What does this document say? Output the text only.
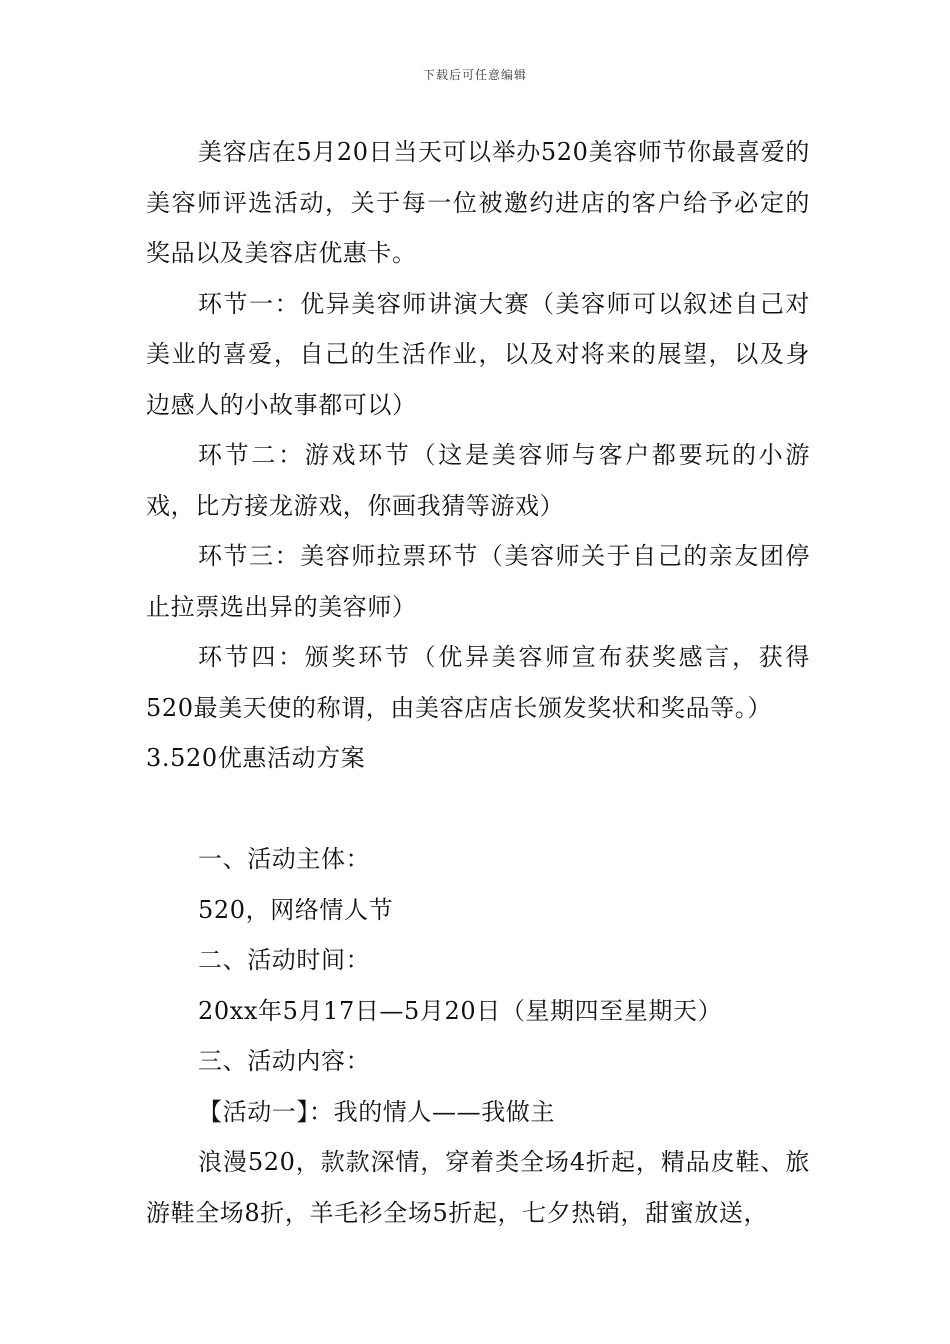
下载后可任意编辑

美容店在5月20日当天可以举办520美容师节你最喜爱的美容师评选活动，关于每一位被邀约进店的客户给予必定的奖品以及美容店优惠卡。

环节一：优异美容师讲演大赛（美容师可以叙述自己对美业的喜爱，自己的生活作业，以及对将来的展望，以及身边感人的小故事都可以）

环节二：游戏环节（这是美容师与客户都要玩的小游戏，比方接龙游戏，你画我猜等游戏）

环节三：美容师拉票环节（美容师关于自己的亲友团停止拉票选出异的美容师）

环节四：颁奖环节（优异美容师宣布获奖感言，获得520最美天使的称谓，由美容店店长颁发奖状和奖品等。）

3.520优惠活动方案

一、活动主体：

520，网络情人节

二、活动时间：

20xx年5月17日—5月20日（星期四至星期天）

三、活动内容：

【活动一】：我的情人——我做主

浪漫520，款款深情，穿着类全场4折起，精品皮鞋、旅游鞋全场8折，羊毛衫全场5折起，七夕热销，甜蜜放送，
